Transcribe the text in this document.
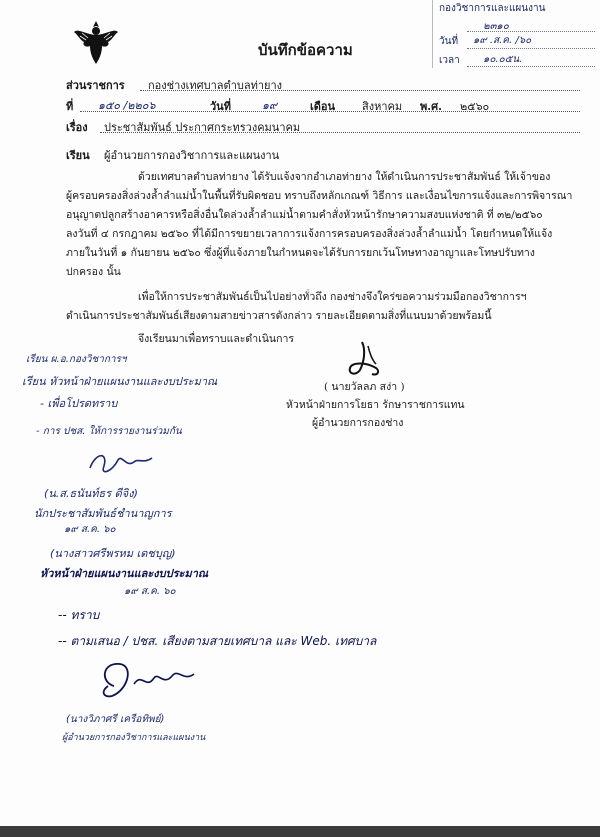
กองวิชาการและแผนงาน
๒๓๑๐
วันที่ ๑๙ .ส.ค. /๖๐
เวลา ๑๐.๐๕น.
บันทึกข้อความ
ส่วนราชการ กองช่างเทศบาลตำบลท่ายาง
ที่ ๑๕๐ /๒๒๐๖	วันที่	๑๙	เดือน สิงหาคม พ.ศ. ๒๕๖๐
เรื่อง ประชาสัมพันธ์ ประกาศกระทรวงคมนาคม
เรียน ผู้อำนวยการกองวิชาการและแผนงาน
ด้วยเทศบาลตำบลท่ายาง ได้รับแจ้งจากอำเภอท่ายาง ให้ดำเนินการประชาสัมพันธ์ ให้เจ้าของ
ผู้ครอบครองสิ่งล่วงล้ำลำแม่น้ำในพื้นที่รับผิดชอบ ทราบถึงหลักเกณฑ์ วิธีการ และเงื่อนไขการแจ้งและการพิจารณา
อนุญาตปลูกสร้างอาคารหรือสิ่งอื่นใดล่วงล้ำลำแม่น้ำตามคำสั่งหัวหน้ารักษาความสงบแห่งชาติ ที่ ๓๒/๒๕๖๐
ลงวันที่ ๔ กรกฎาคม ๒๕๖๐ ที่ได้มีการขยายเวลาการแจ้งการครอบครองสิ่งล่วงล้ำลำแม่น้ำ โดยกำหนดให้แจ้ง
ภายในวันที่ ๑ กันยายน ๒๕๖๐ ซึ่งผู้ที่แจ้งภายในกำหนดจะได้รับการยกเว้นโทษทางอาญาและโทษปรับทาง
ปกครอง นั้น
เพื่อให้การประชาสัมพันธ์เป็นไปอย่างทั่วถึง กองช่างจึงใคร่ขอความร่วมมือกองวิชาการฯ
ดำเนินการประชาสัมพันธ์เสียงตามสายข่าวสารดังกล่าว รายละเอียดตามสิ่งที่แนบมาด้วยพร้อมนี้
จึงเรียนมาเพื่อทราบและดำเนินการ
( นายวัลลภ สง่า )
หัวหน้าฝ่ายการโยธา รักษาราชการแทน
ผู้อำนวยการกองช่าง
เรียน ผ.อ.กองวิชาการฯ
เรียน หัวหน้าฝ่ายแผนงานและงบประมาณ
- เพื่อโปรดทราบ
- การ ปชส. ให้การรายงานร่วมกัน
(น.ส.ธนันท์ธร ดีจิง)
นักประชาสัมพันธ์ชำนาญการ
๑๙ ส.ค. ๖๐
(นางสาวศรีพรหม เดชบุญ)
หัวหน้าฝ่ายแผนงานและงบประมาณ
๑๙ ส.ค. ๖๐
-- ทราบ
-- ตามเสนอ / ปชส. เสียงตามสายเทศบาล และ Web. เทศบาล
(นางวิภาศรี เครือทิพย์)
ผู้อำนวยการกองวิชาการและแผนงาน
